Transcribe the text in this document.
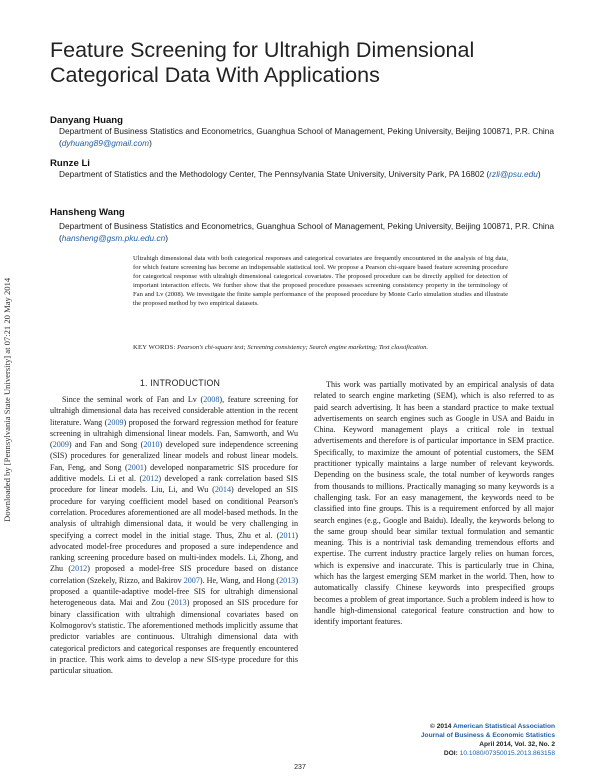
Downloaded by [Pennsylvania State University] at 07:21 20 May 2014
Feature Screening for Ultrahigh Dimensional Categorical Data With Applications
Danyang Huang
Department of Business Statistics and Econometrics, Guanghua School of Management, Peking University, Beijing 100871, P.R. China (dyhuang89@gmail.com)
Runze Li
Department of Statistics and the Methodology Center, The Pennsylvania State University, University Park, PA 16802 (rzli@psu.edu)
Hansheng Wang
Department of Business Statistics and Econometrics, Guanghua School of Management, Peking University, Beijing 100871, P.R. China (hansheng@gsm.pku.edu.cn)

Ultrahigh dimensional data with both categorical responses and categorical covariates are frequently encountered in the analysis of big data, for which feature screening has become an indispensable statistical tool. We propose a Pearson chi-square based feature screening procedure for categorical response with ultrahigh dimensional categorical covariates. The proposed procedure can be directly applied for detection of important interaction effects. We further show that the proposed procedure possesses screening consistency property in the terminology of Fan and Lv (2008). We investigate the finite sample performance of the proposed procedure by Monte Carlo simulation studies and illustrate the proposed method by two empirical datasets.

KEY WORDS: Pearson's chi-square test; Screening consistency; Search engine marketing; Text classification.
1. INTRODUCTION

Since the seminal work of Fan and Lv (2008), feature screening for ultrahigh dimensional data has received considerable attention in the recent literature. Wang (2009) proposed the forward regression method for feature screening in ultrahigh dimensional linear models. Fan, Samworth, and Wu (2009) and Fan and Song (2010) developed sure independence screening (SIS) procedures for generalized linear models and robust linear models. Fan, Feng, and Song (2001) developed nonparametric SIS procedure for additive models. Li et al. (2012) developed a rank correlation based SIS procedure for linear models. Liu, Li, and Wu (2014) developed an SIS procedure for varying coefficient model based on conditional Pearson's correlation. Procedures aforementioned are all model-based methods. In the analysis of ultrahigh dimensional data, it would be very challenging in specifying a correct model in the initial stage. Thus, Zhu et al. (2011) advocated model-free procedures and proposed a sure independence and ranking screening procedure based on multi-index models. Li, Zhong, and Zhu (2012) proposed a model-free SIS procedure based on distance correlation (Szekely, Rizzo, and Bakirov 2007). He, Wang, and Hong (2013) proposed a quantile-adaptive model-free SIS for ultrahigh dimensional heterogeneous data. Mai and Zou (2013) proposed an SIS procedure for binary classification with ultrahigh dimensional covariates based on Kolmogorov's statistic. The aforementioned methods implicitly assume that predictor variables are continuous. Ultrahigh dimensional data with categorical predictors and categorical responses are frequently encountered in practice. This work aims to develop a new SIS-type procedure for this particular situation.

This work was partially motivated by an empirical analysis of data related to search engine marketing (SEM), which is also referred to as paid search advertising. It has been a standard practice to make textual advertisements on search engines such as Google in USA and Baidu in China. Keyword management plays a critical role in textual advertisements and therefore is of particular importance in SEM practice. Specifically, to maximize the amount of potential customers, the SEM practitioner typically maintains a large number of relevant keywords. Depending on the business scale, the total number of keywords ranges from thousands to millions. Practically managing so many keywords is a challenging task. For an easy management, the keywords need to be classified into fine groups. This is a requirement enforced by all major search engines (e.g., Google and Baidu). Ideally, the keywords belong to the same group should bear similar textual formulation and semantic meaning. This is a nontrivial task demanding tremendous efforts and expertise. The current industry practice largely relies on human forces, which is expensive and inaccurate. This is particularly true in China, which has the largest emerging SEM market in the world. Then, how to automatically classify Chinese keywords into prespecified groups becomes a problem of great importance. Such a problem indeed is how to handle high-dimensional categorical feature construction and how to identify important features.

© 2014 American Statistical Association
Journal of Business & Economic Statistics
April 2014, Vol. 32, No. 2
DOI: 10.1080/07350015.2013.863158
237
